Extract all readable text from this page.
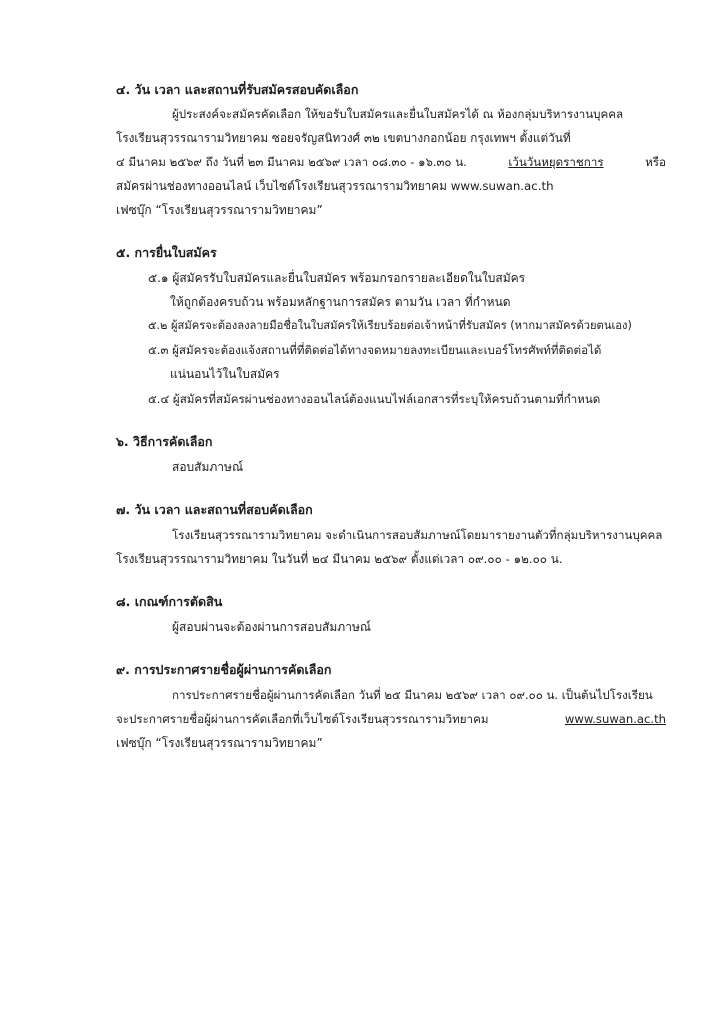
๔. วัน เวลา และสถานที่รับสมัครสอบคัดเลือก
ผู้ประสงค์จะสมัครคัดเลือก ให้ขอรับใบสมัครและยื่นใบสมัครได้ ณ ห้องกลุ่มบริหารงานบุคคล
โรงเรียนสุวรรณารามวิทยาคม ซอยจรัญสนิทวงศ์ ๓๒ เขตบางกอกน้อย กรุงเทพฯ ตั้งแต่วันที่
๔ มีนาคม ๒๕๖๙ ถึง วันที่ ๒๓ มีนาคม ๒๕๖๙ เวลา ๐๘.๓๐ - ๑๖.๓๐ น.	เว้นวันหยุดราชการ	หรือ
สมัครผ่านช่องทางออนไลน์ เว็บไซต์โรงเรียนสุวรรณารามวิทยาคม www.suwan.ac.th
เฟซบุ๊ก “โรงเรียนสุวรรณารามวิทยาคม”
๕. การยื่นใบสมัคร
๕.๑ ผู้สมัครรับใบสมัครและยื่นใบสมัคร พร้อมกรอกรายละเอียดในใบสมัคร
ให้ถูกต้องครบถ้วน พร้อมหลักฐานการสมัคร ตามวัน เวลา ที่กำหนด
๕.๒ ผู้สมัครจะต้องลงลายมือชื่อในใบสมัครให้เรียบร้อยต่อเจ้าหน้าที่รับสมัคร (หากมาสมัครด้วยตนเอง)
๕.๓ ผู้สมัครจะต้องแจ้งสถานที่ที่ติดต่อได้ทางจดหมายลงทะเบียนและเบอร์โทรศัพท์ที่ติดต่อได้
แน่นอนไว้ในใบสมัคร
๕.๔ ผู้สมัครที่สมัครผ่านช่องทางออนไลน์ต้องแนบไฟล์เอกสารที่ระบุให้ครบถ้วนตามที่กำหนด
๖. วิธีการคัดเลือก
สอบสัมภาษณ์
๗. วัน เวลา และสถานที่สอบคัดเลือก
โรงเรียนสุวรรณารามวิทยาคม จะดำเนินการสอบสัมภาษณ์โดยมารายงานตัวที่กลุ่มบริหารงานบุคคล
โรงเรียนสุวรรณารามวิทยาคม ในวันที่ ๒๔ มีนาคม ๒๕๖๙ ตั้งแต่เวลา ๐๙.๐๐ - ๑๒.๐๐ น.
๘. เกณฑ์การตัดสิน
ผู้สอบผ่านจะต้องผ่านการสอบสัมภาษณ์
๙. การประกาศรายชื่อผู้ผ่านการคัดเลือก
การประกาศรายชื่อผู้ผ่านการคัดเลือก วันที่ ๒๕ มีนาคม ๒๕๖๙ เวลา ๐๙.๐๐ น. เป็นต้นไปโรงเรียน
จะประกาศรายชื่อผู้ผ่านการคัดเลือกที่เว็บไซต์โรงเรียนสุวรรณารามวิทยาคม	www.suwan.ac.th
เฟซบุ๊ก “โรงเรียนสุวรรณารามวิทยาคม”
